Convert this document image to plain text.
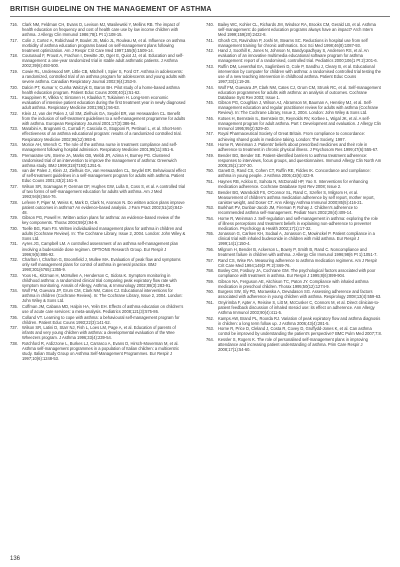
BRITISH GUIDELINE ON THE MANAGEMENT OF ASTHMA
716. Clark NM, Feldman CH, Evans D, Levison MJ, Wasilewski Y, Mellins RB. The impact of health education on frequency and cost of health care use by low income children with asthma. J Allergy Clin Immunol 1986;78(1 Pt 1):108-15.
717. Colin J, Cortez A, Robichaud P, Boulet JS, Malo JL, Rouleau M, et al. Influence on asthma morbidity of asthma education programs based on self-management plans following treatment optimization. Am J Respir Crit Care Med 1997;155(5):1509-14.
718. Couturaud F, Proust A, Frachon I, Dewitte JD, Oger E, Quiot JJ, et al. Education and self-management: a one-year randomized trial in stable adult asthmatic patients. J Asthma 2002;39(6):493-500.
719. Cowie RL, Underwood MF, Little CB, Mitchell I, Spier S, Ford GT. Asthma in adolescents: a randomized, controlled trial of an asthma program for adolescents and young adults with severe asthma. Canadian Respiratory Journal 2002;9(4):253-9.
720. Dalcin PT, Kumar V, Cunha Walczyk G, Baron BH. Pilot study of a home-based asthma health education program. Patient Educ Couns 2000;40(1):51-62.
721. Kauppinen R, Vilkka V, Sintonen H, Klaukka T, Tukiainen H. Long-term economic evaluation of intensive patient education during the first treatment year in newly diagnosed adult asthma. Respiratory Medicine 2001;95(1):56-63.
722. Klein JJ, van der Palen J, Uil SM, Zielhuis GA, Seydel ER, van Herwaarden CL. Benefit from the inclusion of self-treatment guidelines to a self-management programme for adults with asthma. European Respiratory Journal 2001;17(3):386-94.
723. Marabini A, Brugnami G, Curradi F, Casciola G, Stopponi R, Pettinari L, et al. Short-term effectiveness of an asthma educational program: results of a randomized controlled trial. Respiratory Medicine 2002;96(12):993-8.
724. Morice AH, Wrench C. The role of the asthma nurse in treatment compliance and self-management following hospital admission. Respiratory Medicine 2001;95(11):851-6.
725. Premaratne UN, Sterne JA, Marks GB, Webb JR, Azima H, Burney PG. Clustered randomised trial of an intervention to improve the management of asthma: Greenwich asthma study. BMJ 1999;318(7193):1251-5.
726. van der Palen J, Klein JJ, Zielhuis GA, van Herwaarden CL, Seydel ER. Behavioural effect of self-treatment guidelines in a self-management program for adults with asthma. Patient Educ Couns 2001;43(2):161-9.
727. Wilson SR, Scamagas P, German DF, Hughes GW, Lulla S, Coss S, et al. A controlled trial of two forms of self-management education for adults with asthma. Am J Med 1993;94(6):564-76.
728. Lefevre F, Piper M, Weiss K, Mark D, Clark N, Aronson N. Do written action plans improve patient outcomes in asthma? An evidence-based analysis. J Fam Pract 2002;51(10):842-48.
729. Gibson PG, Powell H. Written action plans for asthma: an evidence-based review of the key components. Thorax 2004;59(2):94-9.
730. Toelle BG, Ram FS. Written individualised management plans for asthma in children and adults (Cochrane Review). In: The Cochrane Library, Issue 2, 2004. London: John Wiley & Sons Ltd.
731. Ayres JG, Campbell LM. A controlled assessment of an asthma self-management plan involving a budesonide dose regimen. OPTIONS Research Group. Eur Respir J 1996;9(5):886-92.
732. Charlton I, Charlton G, Broomfield J, Mullee MA. Evaluation of peak flow and symptoms only self management plans for control of asthma in general practice. BMJ 1990;301(6765):1355-9.
733. Yoos HL, Kitzman H, McMullen A, Henderson C, Sidora K. Symptom monitoring in childhood asthma: a randomized clinical trial comparing peak expiratory flow rate with symptom monitoring. Annals of Allergy, Asthma, & Immunology 2002;88(3):283-91.
734. Wolf FM, Guevara JP, Grum CM, Clark NM, Cates CJ. Educational interventions for asthma in children (Cochrane Review). In: The Cochrane Library, Issue 2, 2004. London: John Wiley & Sons Ltd.
735. Coffman JM, Cabana MD, Halpin HA, Yelin EH. Effects of asthma education on children's use of acute care services: a meta-analysis. Pediatrics 2008;121(3):575-86.
736. Colland VT. Learning to cope with asthma: a behavioural self-management program for children. Patient Educ Couns 1993;22(3):141-52.
737. Wilson SR, Latini D, Starr NJ, Fish L, Loes LM, Page A, et al. Education of parents of infants and very young children with asthma: a developmental evaluation of the Wee Wheezers program. J Asthma 1996;33(4):239-54.
738. Rotchford R, Ardizzone L, Burkes LJ, Carrasco A, Evans D, Hirsch-Moverman M, et al. Asthma self-management programmes in a population of Italian children: a multicentric study. Italian Study Group on Asthma Self-Management Programmes. Eur Respir J 1997;10(6):1248-53.
740. Bailey WC, Kohler CL, Richards JM, Windsor RA, Brooks CM, Gerald LB, et al. Asthma self-management: do patient education programs always have an impact? Arch Intern Med 1999;159(20):2422-8.
741. Ghosh CS, Ravindran P, Joshi M, Stearns SC. Reductions in hospital use from self management training for chronic asthmatics. Soc Sci Med 1998;46(8):1087-93.
742. Hand J, Soothill K, Jones N, Johnson N, Bandyopadhyay S, Andersen RS, et al. An evaluation of an innovative multimedia educational software program for asthma management: report of a randomised, controlled trial. Pediatrics 2000;106(1 Pt 2):201-6.
743. Ruffin DM, Leventhal EA, Saglimbeni D, Cole P, Sandhu J, Cleary B, et al. Educational intervention by computer for children with asthma: a randomised controlled trial testing the use of a new teaching intervention in childhood asthma. Patient Educ Couns 1997;33(1):19-28.
744. Wolf FM, Guevara JP, Clark NM, Cates CJ, Grum CM, Strunk RC, et al. Self-management education programmes for adults with asthma: an analysis of outcomes. Cochrane Database Syst Rev 2003; Issue 1.
745. Gibson PG, Coughlan J, Wilson AJ, Abramson M, Bauman A, Hensley MJ, et al. Self-management education and regular practitioner review for adults with asthma (Cochrane Review). In: The Cochrane Library, Issue 2, 2004. London: John Wiley & Sons Ltd.
746. Kotses H, Bernstein IL, Bernstein DI, Reynolds RV, Korbee L, Wigal JK, et al. A self-management program for adult asthma. Part I: Development and evaluation. J Allergy Clin Immunol 1995;95(2):529-40.
747. Royal Pharmaceutical Society of Great Britain. From compliance to concordance: achieving shared goals in medicine taking. London: The Society, 1997.
748. Horne R, Weinman J. Patients' beliefs about prescribed medicines and their role in adherence to treatment in chronic physical illness. J Psychosom Res 1999;47(6):555-67.
749. Bender BG, Bender SE. Patient-identified barriers to asthma treatment adherence: responses to interviews, focus groups, and questionnaires. Immunol Allergy Clin North Am 2005;25(1):107-30.
750. Ganett D, Rand CS, Cohen CT, Ruffin RE, Fiddes IK. Concordance and compliance: asthma in young people. J Asthma 2005;42(6):423-9.
751. Haynes RB, Ackloo E, Sahota N, McDonald HP, Yao X. Interventions for enhancing medication adherence. Cochrane Database Syst Rev 2008; Issue 2.
752. Bender BG, Wamboldt FS, O'Connor SL, Rand C, Szefler S, Milgrom H, et al. Measurement of children's asthma medication adherence by self report, mother report, canister weight, and Doser CT. Ann Allergy Asthma Immunol 2000;85(5):416-21.
753. Burkhart PV, Dunbar-Jacob JM, Fireman P, Rohay J. Children's adherence to recommended asthma self-management. Pediatr Nurs 2002;28(4):409-14.
754. Horne R, Weinman J. Self-regulation and self-management in asthma: exploring the role of illness perceptions and treatment beliefs in explaining non-adherence to preventer medication. Psychology & Health 2002;17(1):17-32.
755. Jonasson G, Carlsen KH, Sodaal A, Jonasson C, Mowinckel P. Patient compliance in a clinical trial with inhaled budesonide in children with mild asthma. Eur Respir J 1999;14(1):150-4.
756. Milgrom H, Bender B, Ackerson L, Bowry P, Smith B, Rand C. Noncompliance and treatment failure in children with asthma. J Allergy Clin Immunol 1996;98(6 Pt 1):1051-7.
757. Rand CS, Wise RA. Measuring adherence to asthma medication regimens. Am J Respir Crit Care Med 1994;149(2 Pt 2):S69-76.
758. Bosley CM, Fosbury JA, Cochrane GM. The psychological factors associated with poor compliance with treatment in asthma. Eur Respir J 1995;8(6):899-904.
759. Gibson NA, Ferguson AE, Aitchison TC, Paton JY. Compliance with inhaled asthma medication in preschool children. Thorax 1995;50(12):1274-9.
760. Burgess SW, Sly PD, Morawska A, Devadason SG. Assessing adherence and factors associated with adherence in young children with asthma. Respirology 2008;13(4):559-63.
761. Onyirimba F, Apter A, Reisine S, Litt M, McCusker C, Connors M, et al. Direct clinician-to-patient feedback discussion of inhaled steroid use: its effect on adherence. Ann Allergy Asthma Immunol 2003;90(4):411-5.
762. Kamps AW, Brand PL, Roorda RJ. Variation of peak expiratory flow and asthma diagnosis in children: a long term follow up. J Asthma 2006;43(4):281-5.
763. Horne R, Price D, Cleland J, Costa R, Covey D, Gruffydd-Jones K, et al. Can asthma control be improved by understanding the patient's perspective? BMC Pulm Med 2007;7:8.
764. Kessler S, Rogers K. The role of personalised self-management plans in improving attendance and increasing patient understanding of asthma. Prim Care Respir J 2008;17(1):54-60.
136
